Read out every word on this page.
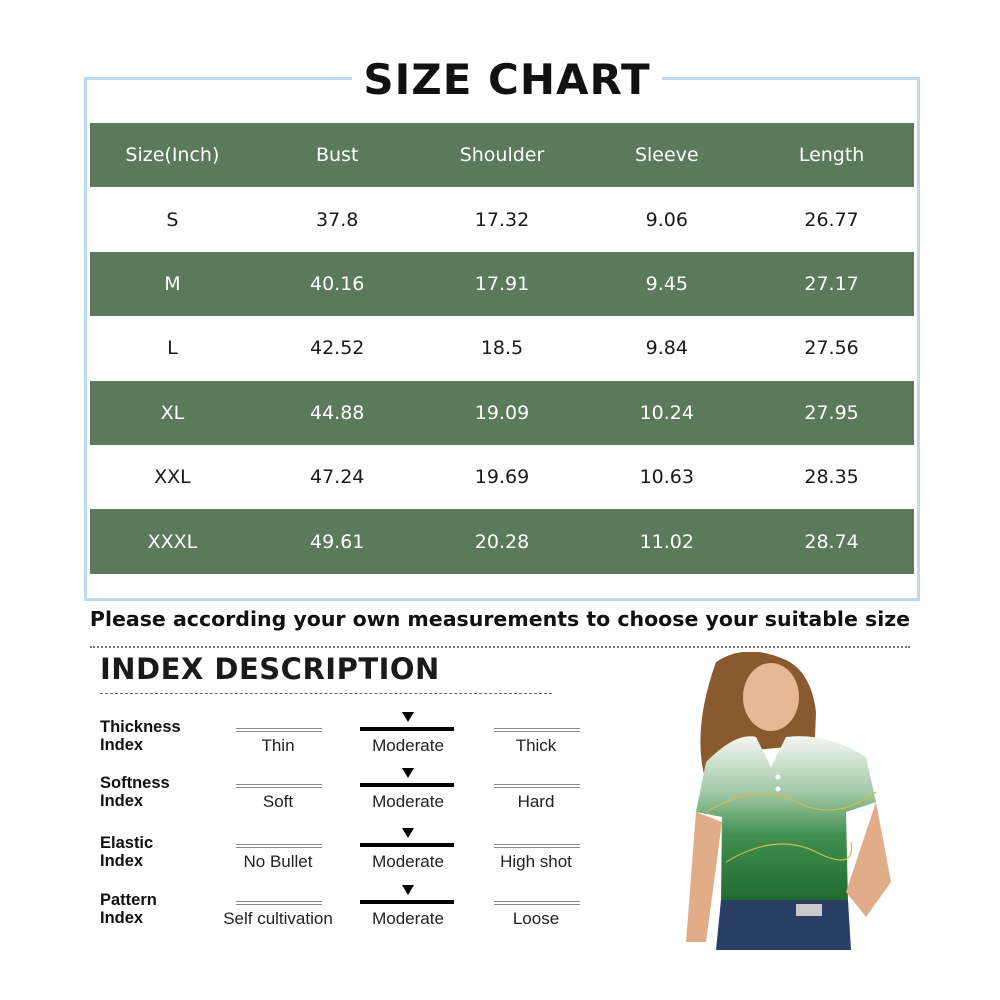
SIZE CHART
Size(Inch)	Bust	Shoulder	Sleeve	Length
S	37.8	17.32	9.06	26.77
M	40.16	17.91	9.45	27.17
L	42.52	18.5	9.84	27.56
XL	44.88	19.09	10.24	27.95
XXL	47.24	19.69	10.63	28.35
XXXL	49.61	20.28	11.02	28.74
Please according your own measurements to choose your suitable size
INDEX DESCRIPTION
Thickness
Index	Thin	Moderate	Thick
Softness
Index	Soft	Moderate	Hard
Elastic
Index	No Bullet	Moderate	High shot
Pattern
Index	Self cultivation	Moderate	Loose
